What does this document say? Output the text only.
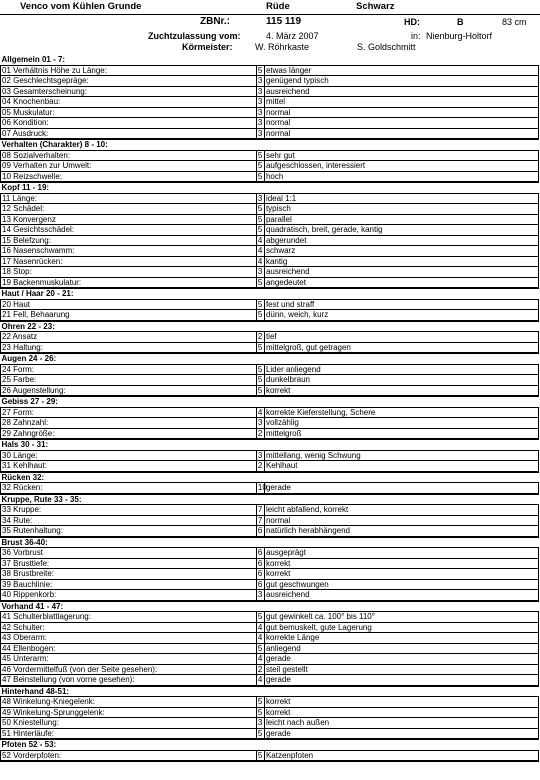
Venco vom Kühlen Grunde	Rüde	Schwarz
ZBNr.:	115 119	HD:	B	83 cm
Zuchtzulassung vom:	4. März 2007	in: Nienburg-Holtorf
Körmeister: W. Röhrkaste	S. Goldschmitt
Allgemein 01 - 7:		
01 Verhältnis Höhe zu Länge:	5	etwas länger
02 Geschlechtsgepräge:	3	genügend typisch
03 Gesamterscheinung:	3	ausreichend
04 Knochenbau:	3	mittel
05 Muskulatur:	3	normal
06 Kondition:	3	normal
07 Ausdruck:	3	normal
Verhalten (Charakter) 8 - 10:		
08 Sozialverhalten:	5	sehr gut
09 Verhalten zur Umwelt:	5	aufgeschlossen, interessiert
10 Reizschwelle:	5	hoch
Kopf 11 - 19:		
11 Länge:	3	ideal 1:1
12 Schädel:	5	typisch
13 Konvergenz	5	parallel
14 Gesichtsschädel:	5	quadratisch, breit, gerade, kantig
15 Belefzung:	4	abgerundet
16 Nasenschwamm:	4	schwarz
17 Nasenrücken:	4	kantig
18 Stop:	3	ausreichend
19 Backenmuskulatur:	5	angedeutet
Haut / Haar 20 - 21:		
20 Haut	5	fest und straff
21 Fell, Behaarung	5	dünn, weich, kurz
Ohren 22 - 23:		
22 Ansatz	2	tief
23 Haltung:	5	mittelgroß, gut getragen
Augen 24 - 26:		
24 Form:	5	Lider anliegend
25 Farbe:	5	dunkelbraun
26 Augenstellung:	5	korrekt
Gebiss 27 - 29:		
27 Form:	4	korrekte Kieferstellung, Schere
28 Zahnzahl:	3	vollzählig
29 Zahngröße:	2	mittelgroß
Hals 30 - 31:		
30 Länge:	3	mittellang, wenig Schwung
31 Kehlhaut:	2	Kehlhaut
Rücken 32:		
32 Rücken:	10	gerade
Kruppe, Rute 33 - 35:		
33 Kruppe:	7	leicht abfallend, korrekt
34 Rute:	7	normal
35 Rutenhaltung:	6	natürlich herabhängend
Brust 36-40:		
36 Vorbrust	6	ausgeprägt
37 Brusttiefe:	6	korrekt
38 Brustbreite:	6	korrekt
39 Bauchlinie:	6	gut geschwungen
40 Rippenkorb:	3	ausreichend
Vorhand 41 - 47:		
41 Schulterblattlagerung:	5	gut gewinkelt ca. 100° bis 110°
42 Schulter:	4	gut bemuskelt, gute Lagerung
43 Oberarm:	4	korrekte Länge
44 Ellenbogen:	5	anliegend
45 Unterarm:	4	gerade
46 Vordermittelfuß (von der Seite gesehen):	2	steil gestellt
47 Beinstellung (von vorne gesehen):	4	gerade
Hinterhand 48-51:		
48 Winkelung-Kniegelenk:	5	korrekt
49 Winkelung-Sprunggelenk:	5	korrekt
50 Kniestellung:	3	leicht nach außen
51 Hinterläufe:	5	gerade
Pfoten 52 - 53:		
52 Vorderpfoten:	5	Katzenpfoten
